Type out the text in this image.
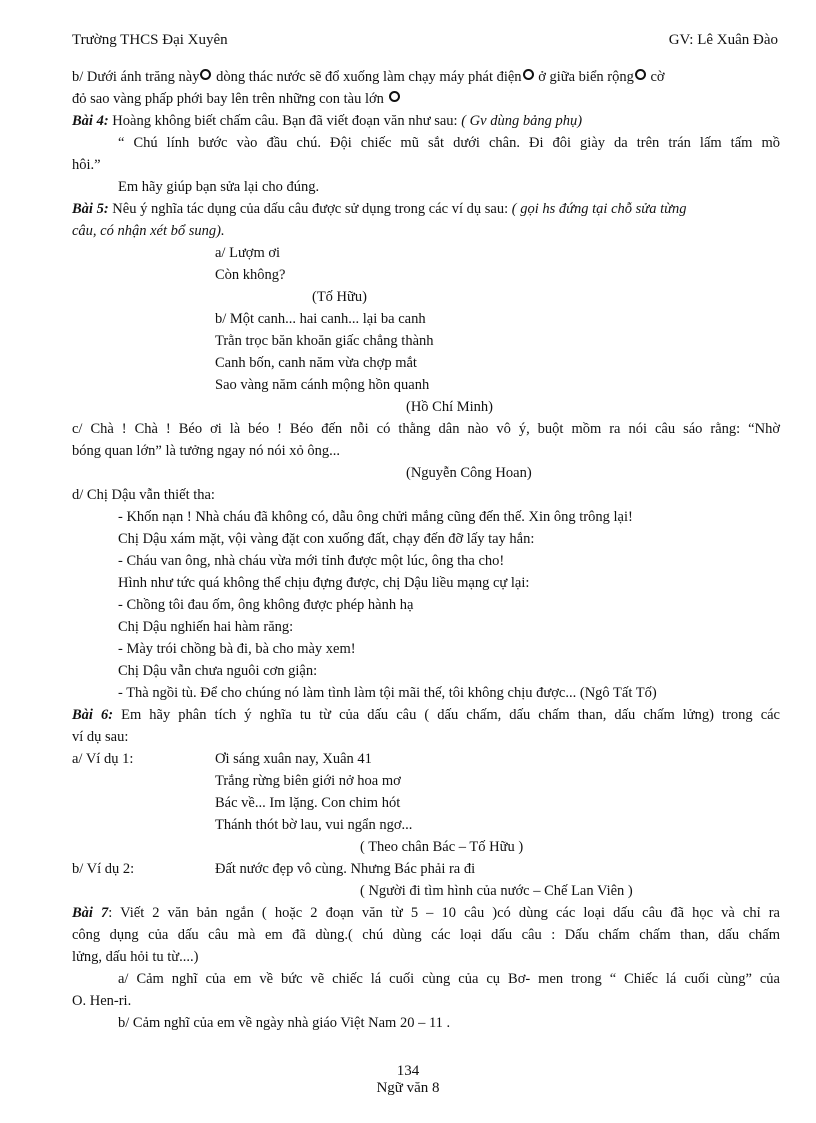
Trường THCS Đại Xuyên	GV: Lê Xuân Đào
b/ Dưới ánh trăng này dòng thác nước sẽ đổ xuống làm chạy máy phát điện ở giữa biển rộng cờ
đỏ sao vàng phấp phới bay lên trên những con tàu lớn
Bài 4: Hoàng không biết chấm câu. Bạn đã viết đoạn văn như sau: ( Gv dùng bảng phụ)
“ Chú lính bước vào đầu chú. Đội chiếc mũ sắt dưới chân. Đi đôi giày da trên trán lấm tấm mồ
hôi.”
Em hãy giúp bạn sửa lại cho đúng.
Bài 5: Nêu ý nghĩa tác dụng của dấu câu được sử dụng trong các ví dụ sau: ( gọi hs đứng tại chỗ sửa từng
câu, có nhận xét bổ sung).
a/ Lượm ơi
Còn không?
(Tố Hữu)
b/ Một canh... hai canh... lại ba canh
Trằn trọc băn khoăn giấc chẳng thành
Canh bốn, canh năm vừa chợp mắt
Sao vàng năm cánh mộng hồn quanh
(Hồ Chí Minh)
c/ Chà ! Chà ! Béo ơi là béo ! Béo đến nỗi có thằng dân nào vô ý, buột mồm ra nói câu sáo rằng: “Nhờ
bóng quan lớn” là tưởng ngay nó nói xỏ ông...
(Nguyễn Công Hoan)
d/ Chị Dậu vẫn thiết tha:
- Khốn nạn ! Nhà cháu đã không có, dẫu ông chửi mắng cũng đến thế. Xin ông trông lại!
Chị Dậu xám mặt, vội vàng đặt con xuống đất, chạy đến đỡ lấy tay hắn:
- Cháu van ông, nhà cháu vừa mới tỉnh được một lúc, ông tha cho!
Hình như tức quá không thể chịu đựng được, chị Dậu liều mạng cự lại:
- Chồng tôi đau ốm, ông không được phép hành hạ
Chị Dậu nghiến hai hàm răng:
- Mày trói chồng bà đi, bà cho mày xem!
Chị Dậu vẫn chưa nguôi cơn giận:
- Thà ngồi tù. Để cho chúng nó làm tình làm tội mãi thế, tôi không chịu được... (Ngô Tất Tố)
Bài 6: Em hãy phân tích ý nghĩa tu từ của dấu câu ( dấu chấm, dấu chấm than, dấu chấm lửng) trong các
ví dụ sau:
a/ Ví dụ 1:	Ơi sáng xuân nay, Xuân 41
Trắng rừng biên giới nở hoa mơ
Bác về... Im lặng. Con chim hót
Thánh thót bờ lau, vui ngẩn ngơ...
( Theo chân Bác – Tố Hữu )
b/ Ví dụ 2:	Đất nước đẹp vô cùng. Nhưng Bác phải ra đi
( Người đi tìm hình của nước – Chế Lan Viên )
Bài 7: Viết 2 văn bản ngắn ( hoặc 2 đoạn văn từ 5 – 10 câu )có dùng các loại dấu câu đã học và chỉ ra
công dụng của dấu câu mà em đã dùng.( chú dùng các loại dấu câu : Dấu chấm chấm than, dấu chấm
lửng, dấu hỏi tu từ....)
a/ Cảm nghĩ của em về bức vẽ chiếc lá cuối cùng của cụ Bơ- men trong “ Chiếc lá cuối cùng” của
O. Hen-ri.
b/ Cảm nghĩ của em về ngày nhà giáo Việt Nam 20 – 11 .
134
Ngữ văn 8
